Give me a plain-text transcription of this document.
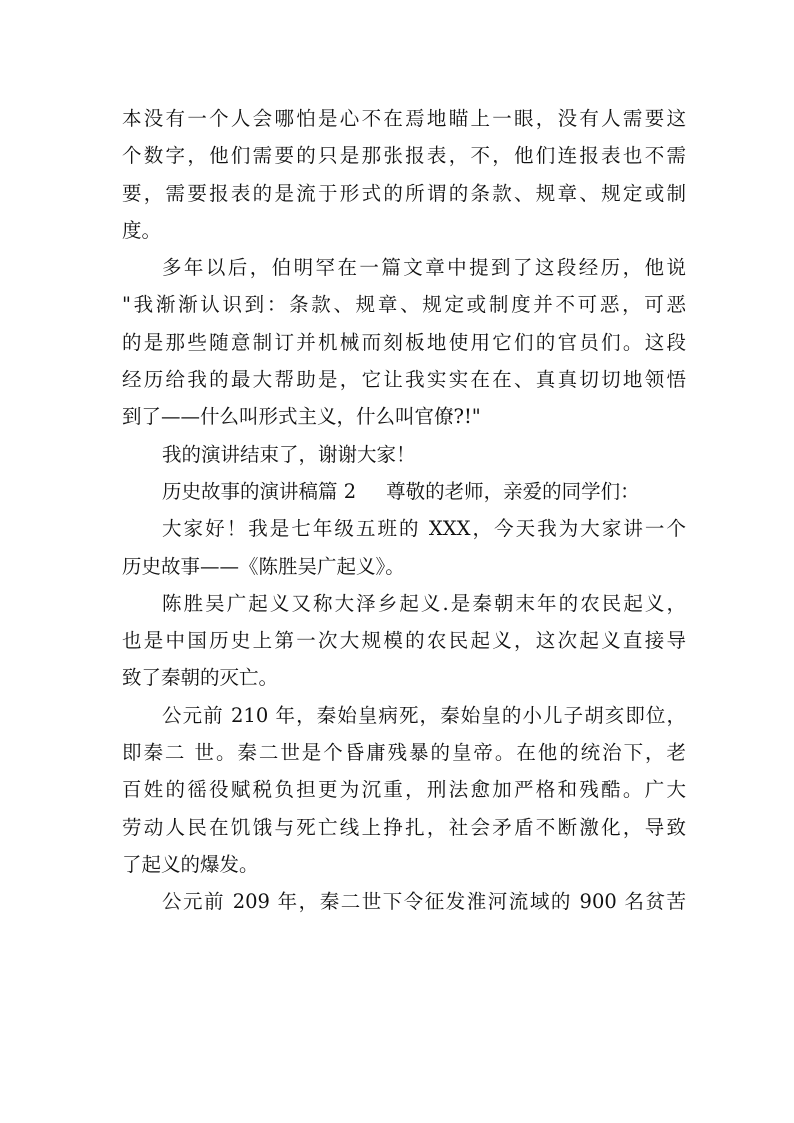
本没有一个人会哪怕是心不在焉地瞄上一眼，没有人需要这
个数字，他们需要的只是那张报表，不，他们连报表也不需
要，需要报表的是流于形式的所谓的条款、规章、规定或制
度。
多年以后，伯明罕在一篇文章中提到了这段经历，他说
"我渐渐认识到：条款、规章、规定或制度并不可恶，可恶
的是那些随意制订并机械而刻板地使用它们的官员们。这段
经历给我的最大帮助是，它让我实实在在、真真切切地领悟
到了——什么叫形式主义，什么叫官僚?!"
我的演讲结束了，谢谢大家！
历史故事的演讲稿篇 2 尊敬的老师，亲爱的同学们：
大家好！我是七年级五班的 XXX，今天我为大家讲一个
历史故事——《陈胜吴广起义》。
陈胜吴广起义又称大泽乡起义.是秦朝末年的农民起义，
也是中国历史上第一次大规模的农民起义，这次起义直接导
致了秦朝的灭亡。
公元前 210 年，秦始皇病死，秦始皇的小儿子胡亥即位，
即秦二 世。秦二世是个昏庸残暴的皇帝。在他的统治下，老
百姓的徭役赋税负担更为沉重，刑法愈加严格和残酷。广大
劳动人民在饥饿与死亡线上挣扎，社会矛盾不断激化，导致
了起义的爆发。
公元前 209 年，秦二世下令征发淮河流域的 900 名贫苦
